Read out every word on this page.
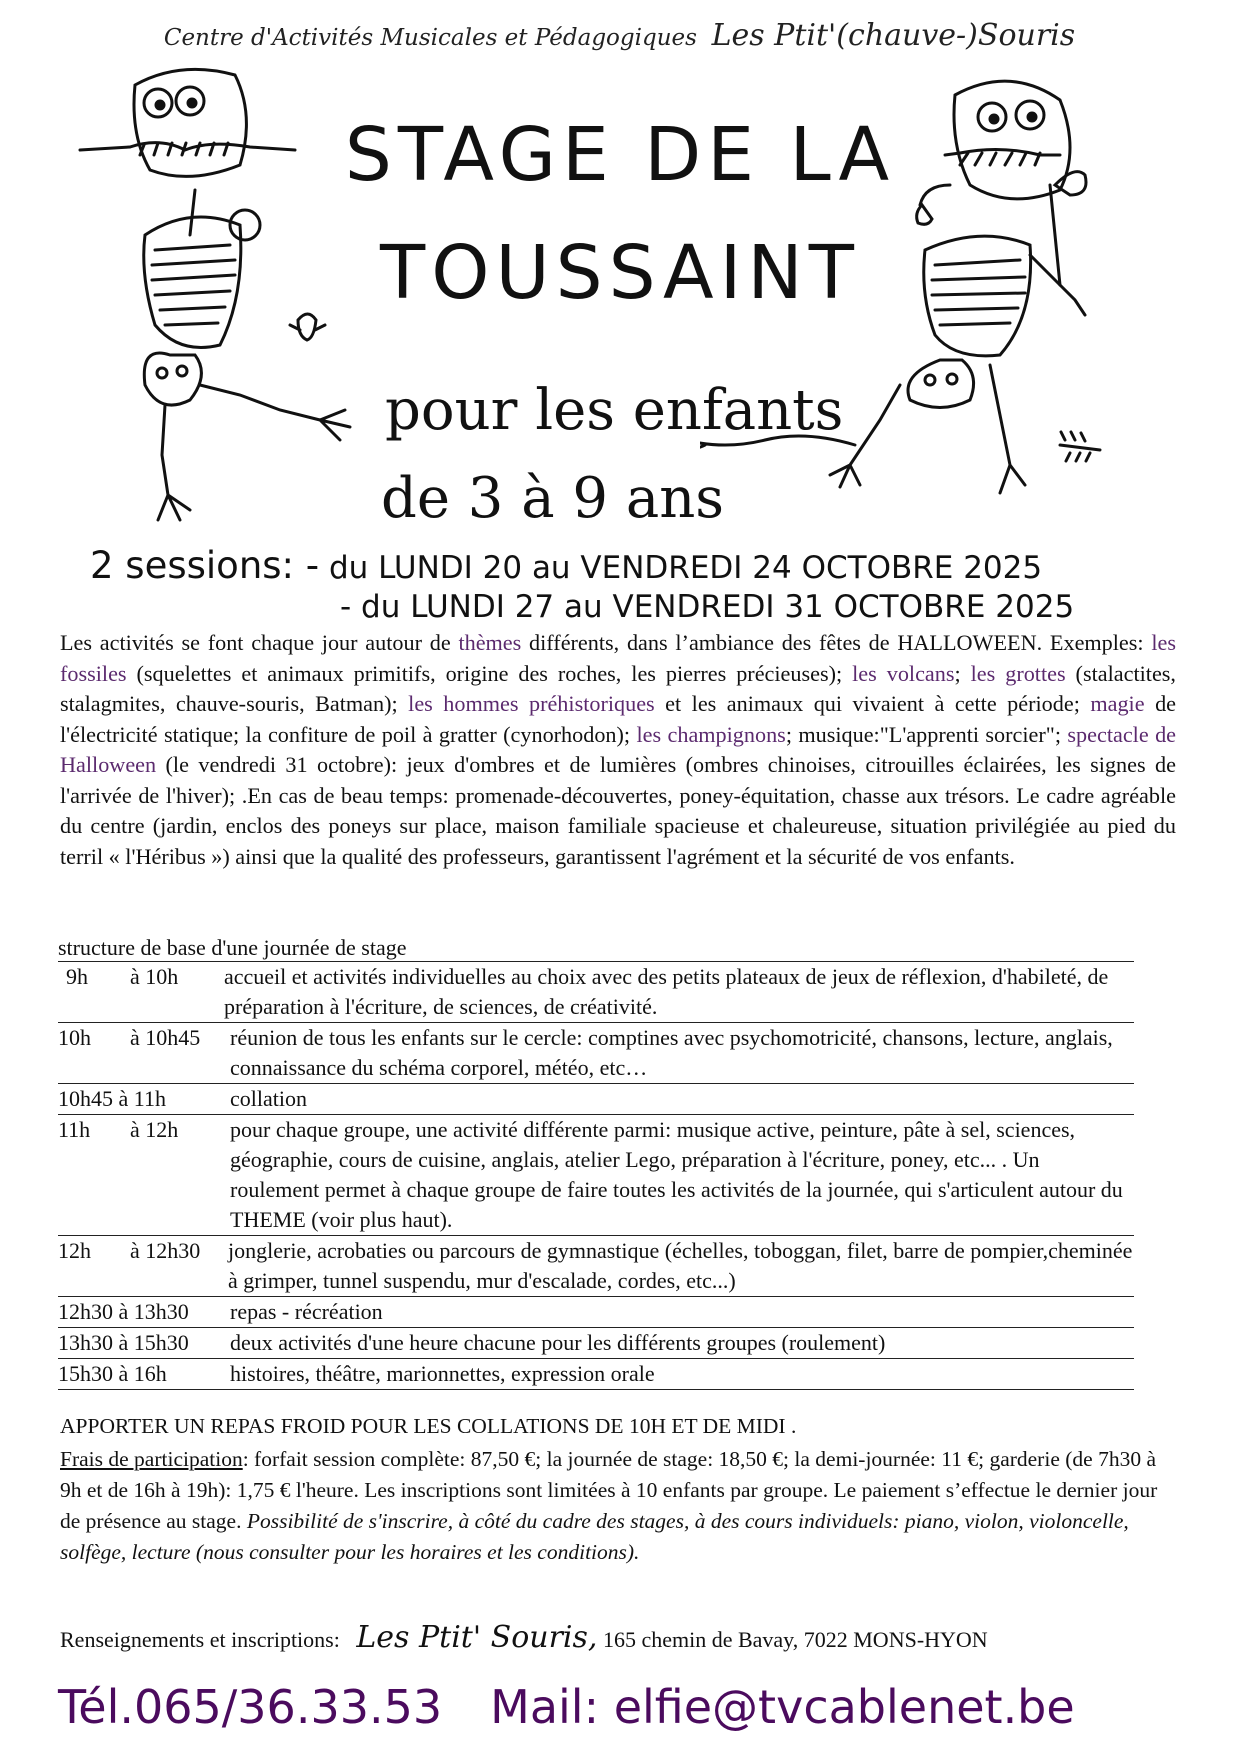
Centre d'Activités Musicales et Pédagogiques Les Ptit'(chauve-)Souris
STAGE DE LA
TOUSSAINT
pour les enfants
de 3 à 9 ans
2 sessions: - du LUNDI 20 au VENDREDI 24 OCTOBRE 2025
- du LUNDI 27 au VENDREDI 31 OCTOBRE 2025
Les activités se font chaque jour autour de thèmes différents, dans l’ambiance des fêtes de HALLOWEEN. Exemples: les fossiles (squelettes et animaux primitifs, origine des roches, les pierres précieuses); les volcans; les grottes (stalactites, stalagmites, chauve-souris, Batman); les hommes préhistoriques et les animaux qui vivaient à cette période; magie de l'électricité statique; la confiture de poil à gratter (cynorhodon); les champignons; musique:"L'apprenti sorcier"; spectacle de Halloween (le vendredi 31 octobre): jeux d'ombres et de lumières (ombres chinoises, citrouilles éclairées, les signes de l'arrivée de l'hiver); .En cas de beau temps: promenade-découvertes, poney-équitation, chasse aux trésors. Le cadre agréable du centre (jardin, enclos des poneys sur place, maison familiale spacieuse et chaleureuse, situation privilégiée au pied du terril « l'Héribus ») ainsi que la qualité des professeurs, garantissent l'agrément et la sécurité de vos enfants.
structure de base d'une journée de stage
9h à 10h accueil et activités individuelles au choix avec des petits plateaux de jeux de réflexion, d'habileté, de préparation à l'écriture, de sciences, de créativité.
10h à 10h45 réunion de tous les enfants sur le cercle: comptines avec psychomotricité, chansons, lecture, anglais, connaissance du schéma corporel, météo, etc…
10h45 à 11h	collation
11h à 12h pour chaque groupe, une activité différente parmi: musique active, peinture, pâte à sel, sciences, géographie, cours de cuisine, anglais, atelier Lego, préparation à l'écriture, poney, etc... . Un roulement permet à chaque groupe de faire toutes les activités de la journée, qui s'articulent autour du THEME (voir plus haut).
12h à 12h30 jonglerie, acrobaties ou parcours de gymnastique (échelles, toboggan, filet, barre de pompier,cheminée à grimper, tunnel suspendu, mur d'escalade, cordes, etc...)
12h30 à 13h30 repas - récréation
13h30 à 15h30 deux activités d'une heure chacune pour les différents groupes (roulement)
15h30 à 16h	histoires, théâtre, marionnettes, expression orale
APPORTER UN REPAS FROID POUR LES COLLATIONS DE 10H ET DE MIDI .
Frais de participation: forfait session complète: 87,50 €; la journée de stage: 18,50 €; la demi-journée: 11 €; garderie (de 7h30 à 9h et de 16h à 19h): 1,75 € l'heure. Les inscriptions sont limitées à 10 enfants par groupe. Le paiement s’effectue le dernier jour de présence au stage. Possibilité de s'inscrire, à côté du cadre des stages, à des cours individuels: piano, violon, violoncelle, solfège, lecture (nous consulter pour les horaires et les conditions).
Renseignements et inscriptions: Les Ptit' Souris, 165 chemin de Bavay, 7022 MONS-HYON
Tél.065/36.33.53 Mail: elfie@tvcablenet.be
